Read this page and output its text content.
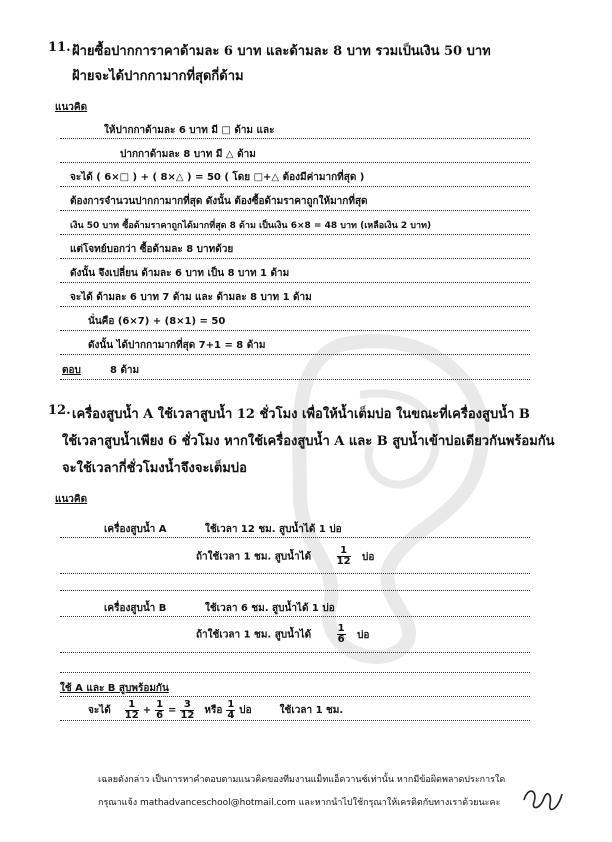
11. ฝ้ายซื้อปากการาคาด้ามละ 6 บาท และด้ามละ 8 บาท รวมเป็นเงิน 50 บาท
ฝ้ายจะได้ปากกามากที่สุดกี่ด้าม
แนวคิด
ให้ปากกาด้ามละ 6 บาท มี □ ด้าม และ
ปากกาด้ามละ 8 บาท มี △ ด้าม
จะได้ ( 6×□ ) + ( 8×△ ) = 50 ( โดย □+△ ต้องมีค่ามากที่สุด )
ต้องการจำนวนปากกามากที่สุด ดังนั้น ต้องซื้อด้ามราคาถูกให้มากที่สุด
เงิน 50 บาท ซื้อด้ามราคาถูกได้มากที่สุด 8 ด้าม เป็นเงิน 6×8 = 48 บาท (เหลือเงิน 2 บาท)
แต่โจทย์บอกว่า ซื้อด้ามละ 8 บาทด้วย
ดังนั้น จึงเปลี่ยน ด้ามละ 6 บาท เป็น 8 บาท 1 ด้าม
จะได้ ด้ามละ 6 บาท 7 ด้าม และ ด้ามละ 8 บาท 1 ด้าม
นั่นคือ (6×7) + (8×1) = 50
ดังนั้น ได้ปากกามากที่สุด 7+1 = 8 ด้าม
ตอบ	8 ด้าม
12. เครื่องสูบน้ำ A ใช้เวลาสูบน้ำ 12 ชั่วโมง เพื่อให้น้ำเต็มบ่อ ในขณะที่เครื่องสูบน้ำ B
ใช้เวลาสูบน้ำเพียง 6 ชั่วโมง หากใช้เครื่องสูบน้ำ A และ B สูบน้ำเข้าบ่อเดียวกันพร้อมกัน
จะใช้เวลากี่ชั่วโมงน้ำจึงจะเต็มบ่อ
แนวคิด
เครื่องสูบน้ำ A	ใช้เวลา 12 ชม. สูบน้ำได้ 1 บ่อ
ถ้าใช้เวลา 1 ชม. สูบน้ำได้	$\frac{1}{12}$ บ่อ
เครื่องสูบน้ำ B	ใช้เวลา 6 ชม. สูบน้ำได้ 1 บ่อ
ถ้าใช้เวลา 1 ชม. สูบน้ำได้	$\frac{1}{6}$ บ่อ
ใช้ A และ B สูบพร้อมกัน
จะได้ $\frac{1}{12} + \frac{1}{6} = \frac{3}{12}$ หรือ $\frac{1}{4}$ บ่อ	ใช้เวลา 1 ชม.
เฉลยดังกล่าว เป็นการหาคำตอบตามแนวคิดของทีมงานแม็ทแอ็ดวานซ์เท่านั้น หากมีข้อผิดพลาดประการใด
กรุณาแจ้ง mathadvanceschool@hotmail.com และหากนำไปใช้กรุณาให้เครดิตกับทางเราด้วยนะคะ
